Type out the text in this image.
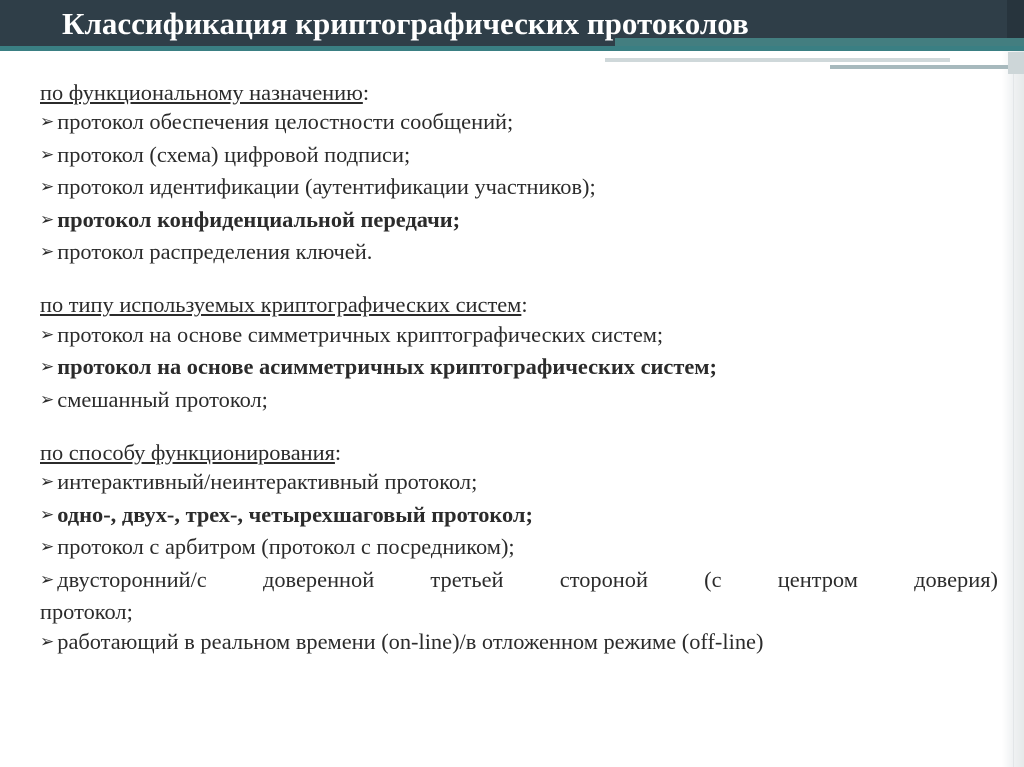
Классификация криптографических протоколов

по функциональному назначению:

➢ протокол обеспечения целостности сообщений;

➢ протокол (схема) цифровой подписи;

➢ протокол идентификации (аутентификации участников);

➢ протокол конфиденциальной передачи;

➢ протокол распределения ключей.

по типу используемых криптографических систем:

➢ протокол на основе симметричных криптографических систем;

➢ протокол на основе асимметричных криптографических систем;

➢ смешанный протокол;

по способу функционирования:

➢ интерактивный/неинтерактивный протокол;

➢ одно-, двух-, трех-, четырехшаговый протокол;

➢ протокол с арбитром (протокол с посредником);

➢ двусторонний/с доверенной третьей стороной (с центром доверия)

протокол;

➢ работающий в реальном времени (on-line)/в отложенном режиме (off-line)
